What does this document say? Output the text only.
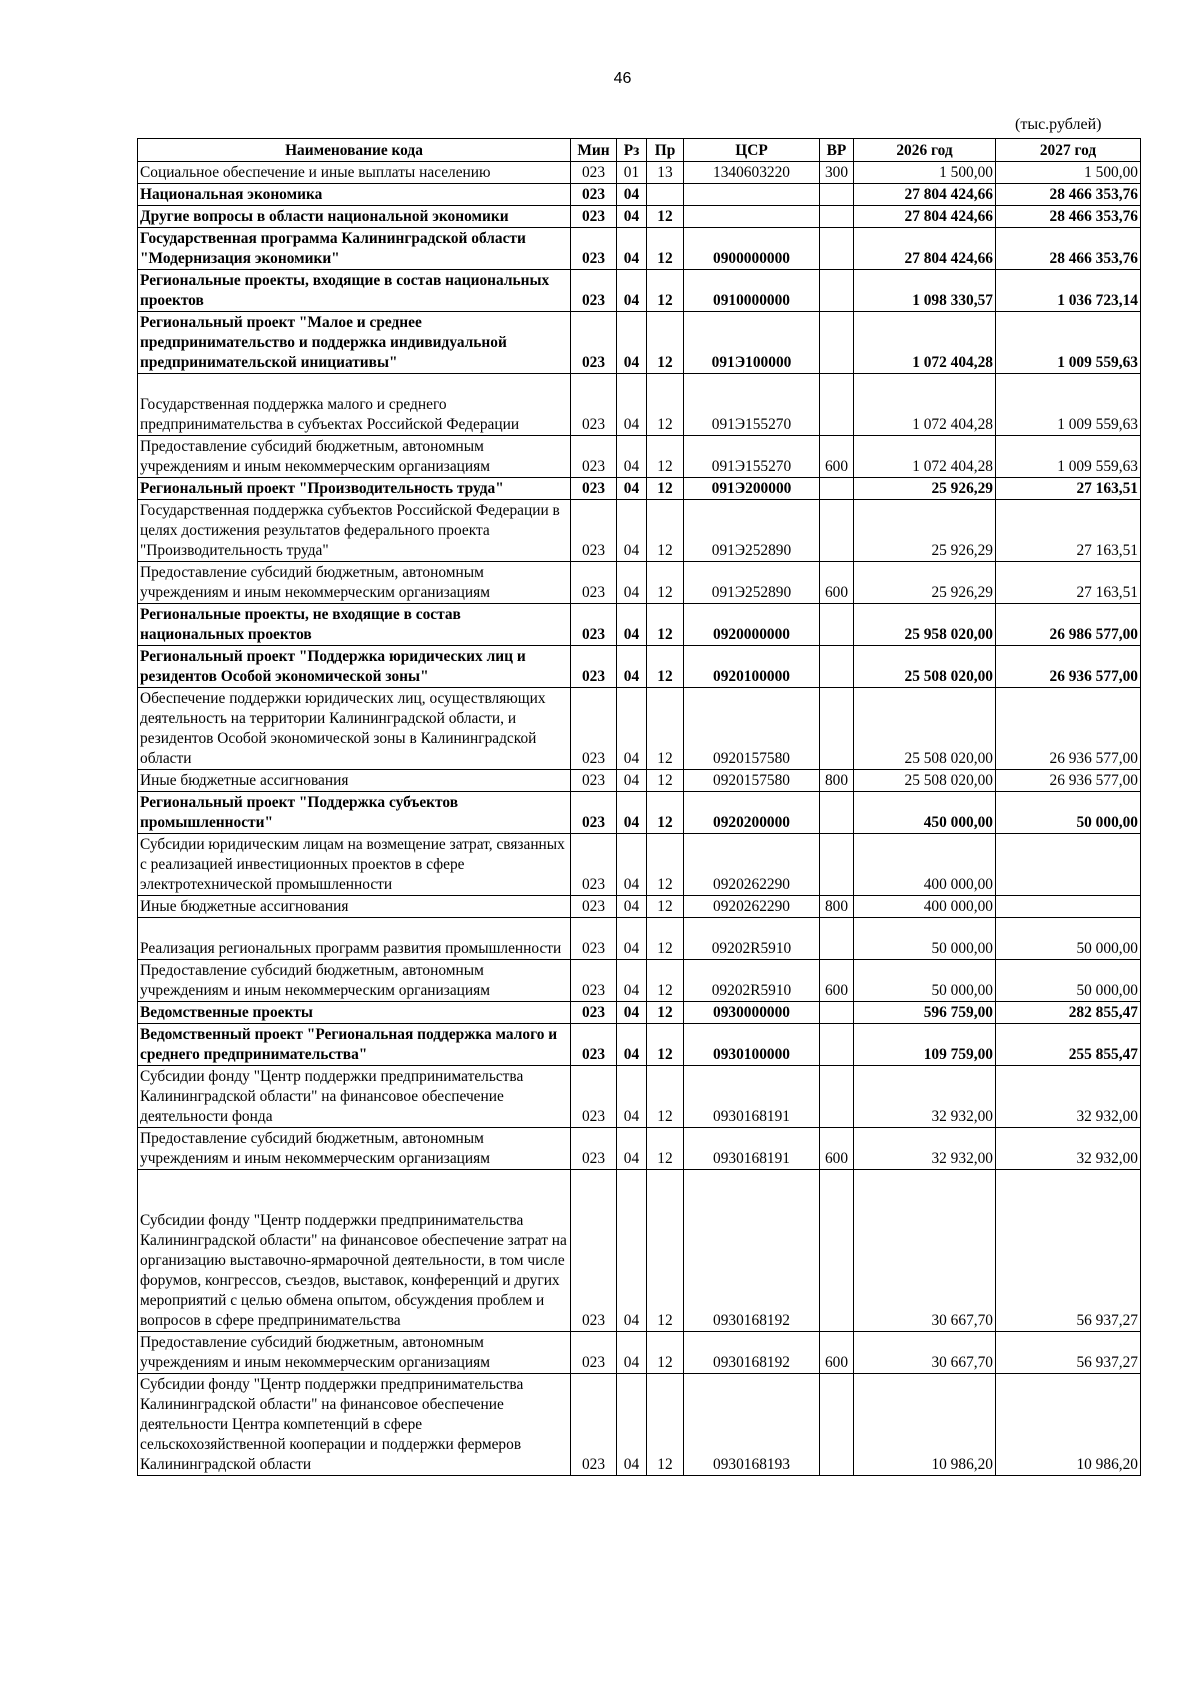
46
(тыс.рублей)
Наименование кода	Мин	Рз	Пр	ЦСР	ВР	2026 год	2027 год
Социальное обеспечение и иные выплаты населению	023	01	13	1340603220	300	1 500,00	1 500,00
Национальная экономика	023	04				27 804 424,66	28 466 353,76
Другие вопросы в области национальной экономики	023	04	12			27 804 424,66	28 466 353,76
Государственная программа Калининградской области "Модернизация экономики"	023	04	12	0900000000		27 804 424,66	28 466 353,76
Региональные проекты, входящие в состав национальных проектов	023	04	12	0910000000		1 098 330,57	1 036 723,14
Региональный проект "Малое и среднее предпринимательство и поддержка индивидуальной предпринимательской инициативы"	023	04	12	091Э100000		1 072 404,28	1 009 559,63
Государственная поддержка малого и среднего предпринимательства в субъектах Российской Федерации	023	04	12	091Э155270		1 072 404,28	1 009 559,63
Предоставление субсидий бюджетным, автономным учреждениям и иным некоммерческим организациям	023	04	12	091Э155270	600	1 072 404,28	1 009 559,63
Региональный проект "Производительность труда"	023	04	12	091Э200000		25 926,29	27 163,51
Государственная поддержка субъектов Российской Федерации в целях достижения результатов федерального проекта "Производительность труда"	023	04	12	091Э252890		25 926,29	27 163,51
Предоставление субсидий бюджетным, автономным учреждениям и иным некоммерческим организациям	023	04	12	091Э252890	600	25 926,29	27 163,51
Региональные проекты, не входящие в состав национальных проектов	023	04	12	0920000000		25 958 020,00	26 986 577,00
Региональный проект "Поддержка юридических лиц и резидентов Особой экономической зоны"	023	04	12	0920100000		25 508 020,00	26 936 577,00
Обеспечение поддержки юридических лиц, осуществляющих деятельность на территории Калининградской области, и резидентов Особой экономической зоны в Калининградской области	023	04	12	0920157580		25 508 020,00	26 936 577,00
Иные бюджетные ассигнования	023	04	12	0920157580	800	25 508 020,00	26 936 577,00
Региональный проект "Поддержка субъектов промышленности"	023	04	12	0920200000		450 000,00	50 000,00
Субсидии юридическим лицам на возмещение затрат, связанных с реализацией инвестиционных проектов в сфере электротехнической промышленности	023	04	12	0920262290		400 000,00	
Иные бюджетные ассигнования	023	04	12	0920262290	800	400 000,00	
Реализация региональных программ развития промышленности	023	04	12	09202R5910		50 000,00	50 000,00
Предоставление субсидий бюджетным, автономным учреждениям и иным некоммерческим организациям	023	04	12	09202R5910	600	50 000,00	50 000,00
Ведомственные проекты	023	04	12	0930000000		596 759,00	282 855,47
Ведомственный проект "Региональная поддержка малого и среднего предпринимательства"	023	04	12	0930100000		109 759,00	255 855,47
Субсидии фонду "Центр поддержки предпринимательства Калининградской области" на финансовое обеспечение деятельности фонда	023	04	12	0930168191		32 932,00	32 932,00
Предоставление субсидий бюджетным, автономным учреждениям и иным некоммерческим организациям	023	04	12	0930168191	600	32 932,00	32 932,00
Субсидии фонду "Центр поддержки предпринимательства Калининградской области" на финансовое обеспечение затрат на организацию выставочно-ярмарочной деятельности, в том числе форумов, конгрессов, съездов, выставок, конференций и других мероприятий с целью обмена опытом, обсуждения проблем и вопросов в сфере предпринимательства	023	04	12	0930168192		30 667,70	56 937,27
Предоставление субсидий бюджетным, автономным учреждениям и иным некоммерческим организациям	023	04	12	0930168192	600	30 667,70	56 937,27
Субсидии фонду "Центр поддержки предпринимательства Калининградской области" на финансовое обеспечение деятельности Центра компетенций в сфере сельскохозяйственной кооперации и поддержки фермеров Калининградской области	023	04	12	0930168193		10 986,20	10 986,20
